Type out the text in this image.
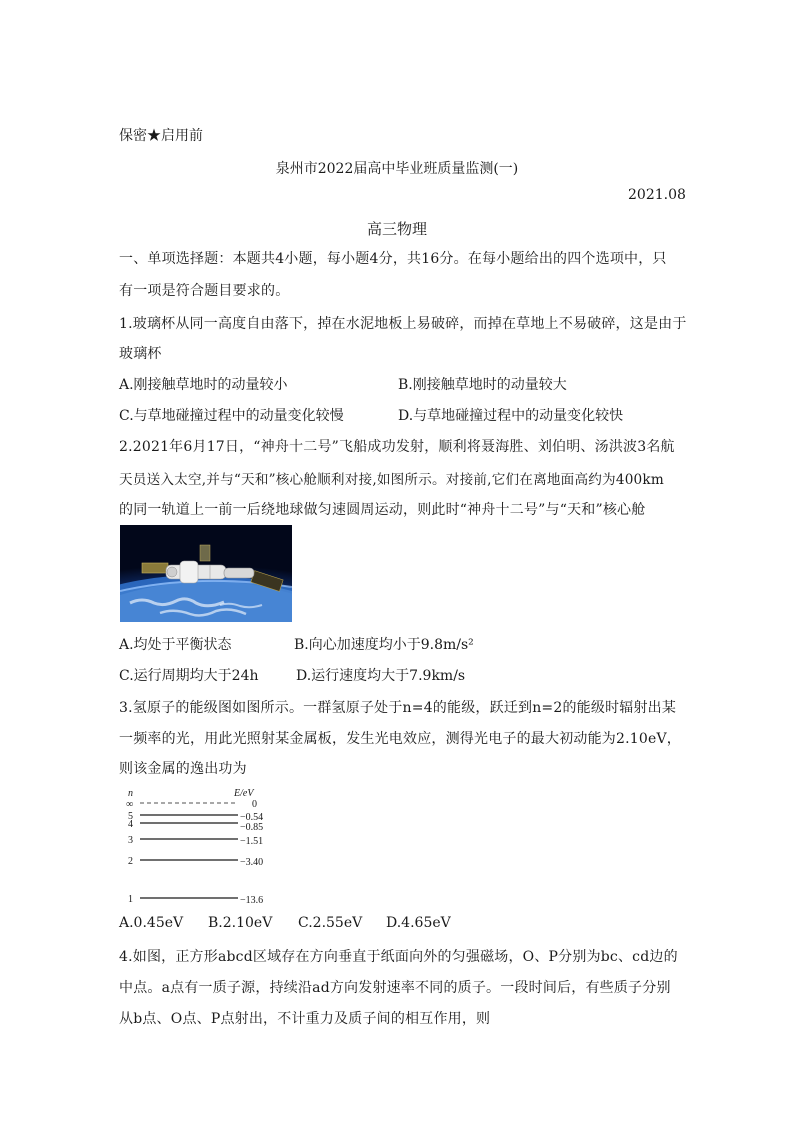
保密★启用前
泉州市2022届高中毕业班质量监测(一)
2021.08
高三物理
一、单项选择题：本题共4小题，每小题4分，共16分。在每小题给出的四个选项中，只
有一项是符合题目要求的。
1.玻璃杯从同一高度自由落下，掉在水泥地板上易破碎，而掉在草地上不易破碎，这是由于
玻璃杯
A.刚接触草地时的动量较小	B.刚接触草地时的动量较大
C.与草地碰撞过程中的动量变化较慢	D.与草地碰撞过程中的动量变化较快
2.2021年6月17日，“神舟十二号”飞船成功发射，顺利将聂海胜、刘伯明、汤洪波3名航
天员送入太空,并与“天和”核心舱顺利对接,如图所示。对接前,它们在离地面高约为400km
的同一轨道上一前一后绕地球做匀速圆周运动，则此时“神舟十二号”与“天和”核心舱
A.均处于平衡状态	B.向心加速度均小于9.8m/s²
C.运行周期均大于24h	D.运行速度均大于7.9km/s
3.氢原子的能级图如图所示。一群氢原子处于n=4的能级，跃迁到n=2的能级时辐射出某
一频率的光，用此光照射某金属板，发生光电效应，测得光电子的最大初动能为2.10eV，
则该金属的逸出功为
n	E/eV
∞	0
5	−0.54
4	−0.85
3	−1.51
2	−3.40
1	−13.6
A.0.45eV B.2.10eV C.2.55eV D.4.65eV
4.如图，正方形abcd区域存在方向垂直于纸面向外的匀强磁场，O、P分别为bc、cd边的
中点。a点有一质子源，持续沿ad方向发射速率不同的质子。一段时间后，有些质子分别
从b点、O点、P点射出，不计重力及质子间的相互作用，则
